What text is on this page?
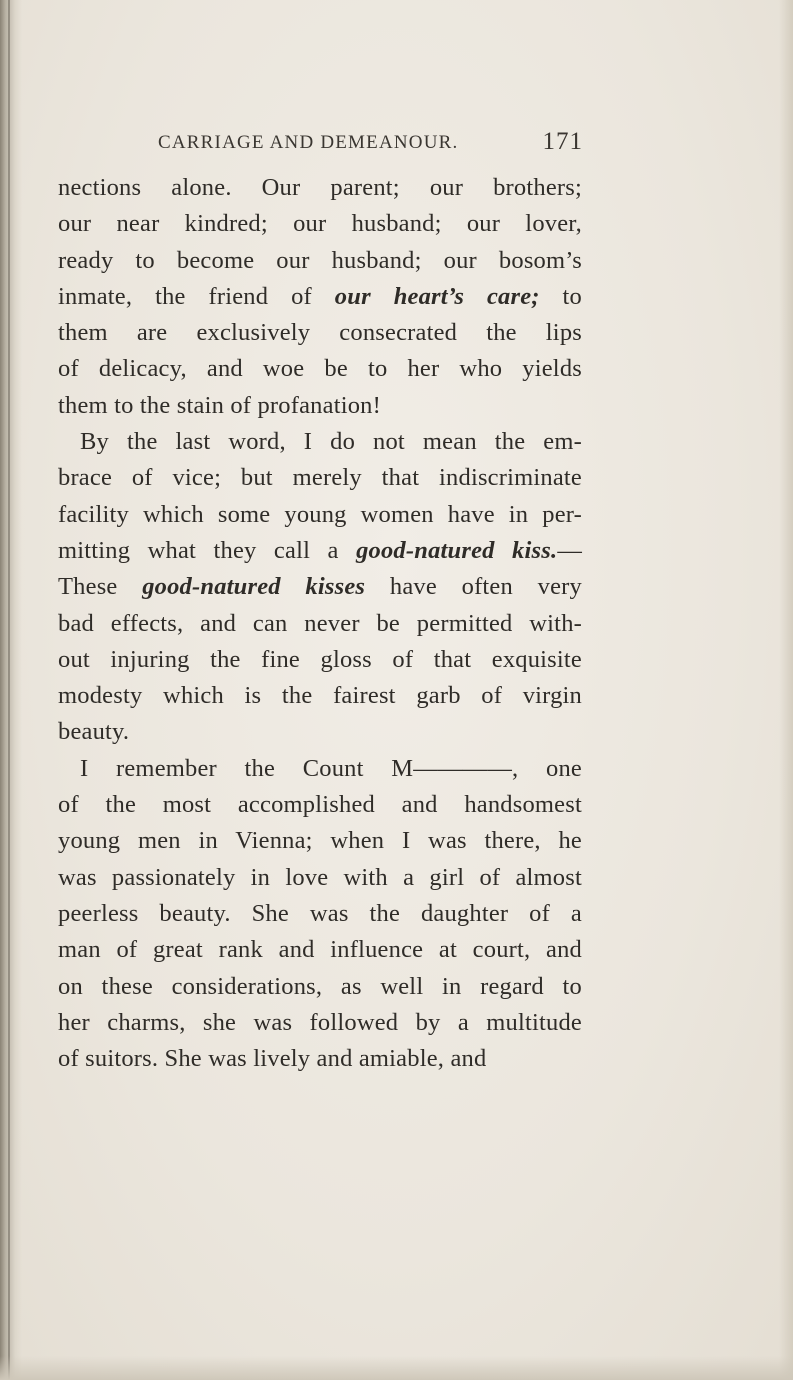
CARRIAGE AND DEMEANOUR.	171
nections alone. Our parent; our brothers;
our near kindred; our husband; our lover,
ready to become our husband; our bosom’s
inmate, the friend of our heart’s care; to
them are exclusively consecrated the lips
of delicacy, and woe be to her who yields
them to the stain of profanation!
By the last word, I do not mean the em-
brace of vice; but merely that indiscriminate
facility which some young women have in per-
mitting what they call a good-natured kiss.—
These good-natured kisses have often very
bad effects, and can never be permitted with-
out injuring the fine gloss of that exquisite
modesty which is the fairest garb of virgin
beauty.
I remember the Count M————, one
of the most accomplished and handsomest
young men in Vienna; when I was there, he
was passionately in love with a girl of almost
peerless beauty. She was the daughter of a
man of great rank and influence at court, and
on these considerations, as well in regard to
her charms, she was followed by a multitude
of suitors. She was lively and amiable, and
